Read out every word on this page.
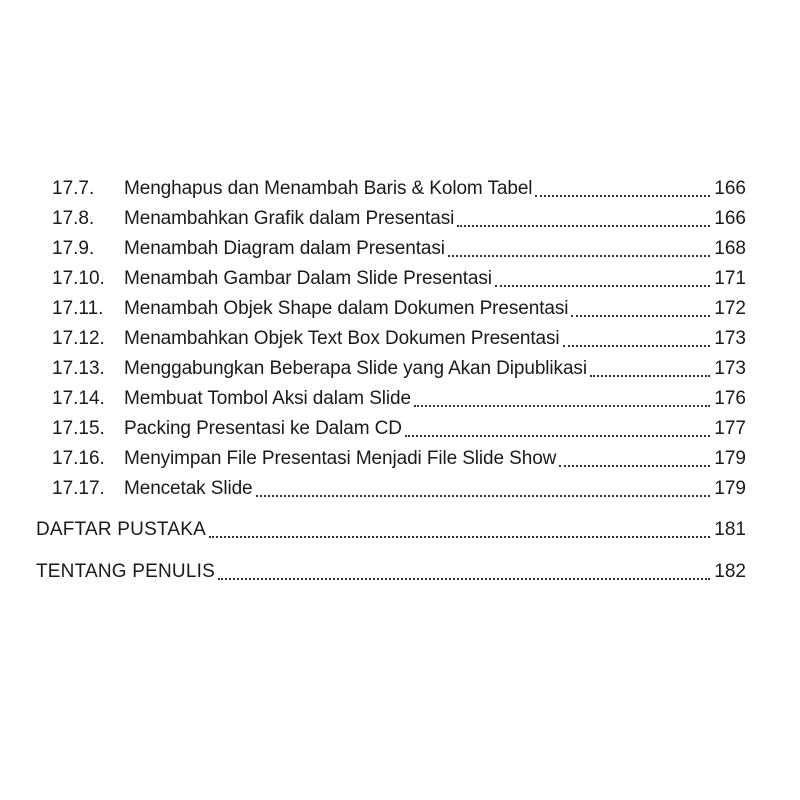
17.7. Menghapus dan Menambah Baris & Kolom Tabel	166
17.8. Menambahkan Grafik dalam Presentasi	166
17.9. Menambah Diagram dalam Presentasi	168
17.10. Menambah Gambar Dalam Slide Presentasi	171
17.11. Menambah Objek Shape dalam Dokumen Presentasi	172
17.12. Menambahkan Objek Text Box Dokumen Presentasi	173
17.13. Menggabungkan Beberapa Slide yang Akan Dipublikasi	173
17.14. Membuat Tombol Aksi dalam Slide	176
17.15. Packing Presentasi ke Dalam CD	177
17.16. Menyimpan File Presentasi Menjadi File Slide Show	179
17.17. Mencetak Slide	179
DAFTAR PUSTAKA	181
TENTANG PENULIS	182
